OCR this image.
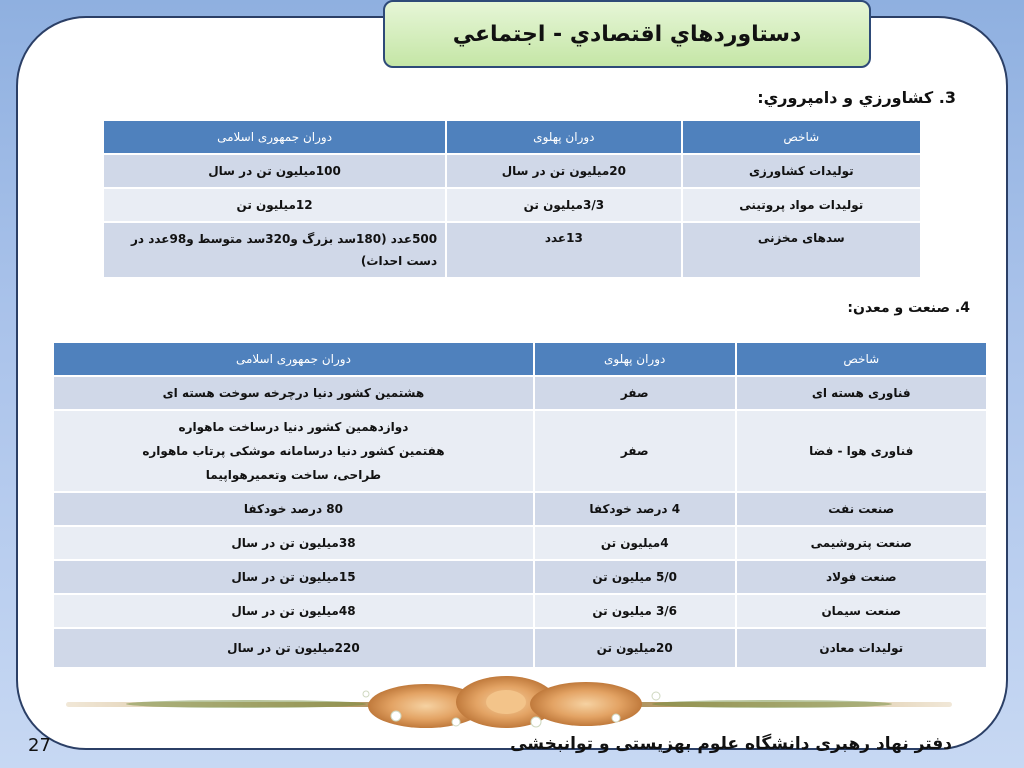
دستاوردهاي اقتصادي - اجتماعي
3. كشاورزي و دامپروري:
شاخص	دوران پهلوی	دوران جمهوری اسلامی
تولیدات کشاورزی	20میلیون تن در سال	100میلیون تن در سال
تولیدات مواد پروتینی	3/3میلیون تن	12میلیون تن
سدهای مخزنی	13عدد	500عدد (180سد بزرگ و320سد متوسط و98عدد در دست احداث)
4. صنعت و معدن:
شاخص	دوران پهلوی	دوران جمهوری اسلامی
فناوری هسته ای	صفر	هشتمین کشور دنیا درچرخه سوخت هسته ای
فناوری هوا - فضا	صفر	دوازدهمین کشور دنیا درساخت ماهواره
هفتمین کشور دنیا درسامانه موشکی پرتاب ماهواره
طراحی، ساخت وتعمیرهواپیما

صنعت نفت	4 درصد خودکفا	80 درصد خودکفا
صنعت پتروشیمی	4میلیون تن	38میلیون تن در سال
صنعت فولاد	5/0 میلیون تن	15میلیون تن در سال
صنعت سیمان	3/6 میلیون تن	48میلیون تن در سال
تولیدات معادن	20میلیون تن	220میلیون تن در سال
27	دفتر نهاد رهبری دانشگاه علوم بهزیستی و توانبخشی
